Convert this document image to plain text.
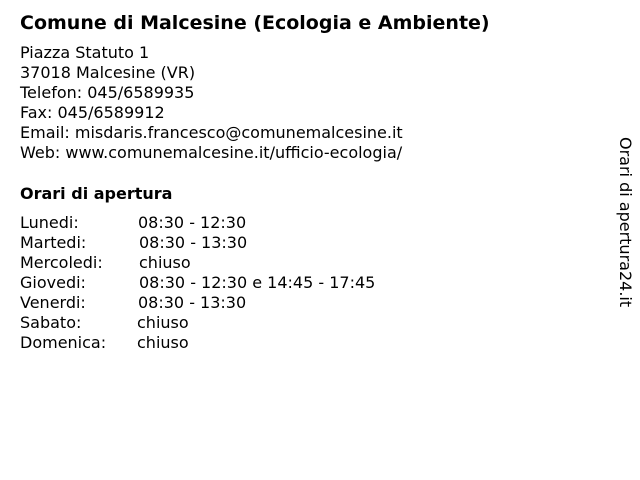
Comune di Malcesine (Ecologia e Ambiente)
Piazza Statuto 1
37018 Malcesine (VR)
Telefon: 045/6589935
Fax: 045/6589912
Email: misdaris.francesco@comunemalcesine.it
Web: www.comunemalcesine.it/ufficio-ecologia/
Orari di apertura
Lunedi:	08:30 - 12:30
Martedi:	08:30 - 13:30
Mercoledi: chiuso
Giovedi:	08:30 - 12:30 e 14:45 - 17:45
Venerdi:	08:30 - 13:30
Sabato:	chiuso
Domenica: chiuso
Orari di apertura24.it
